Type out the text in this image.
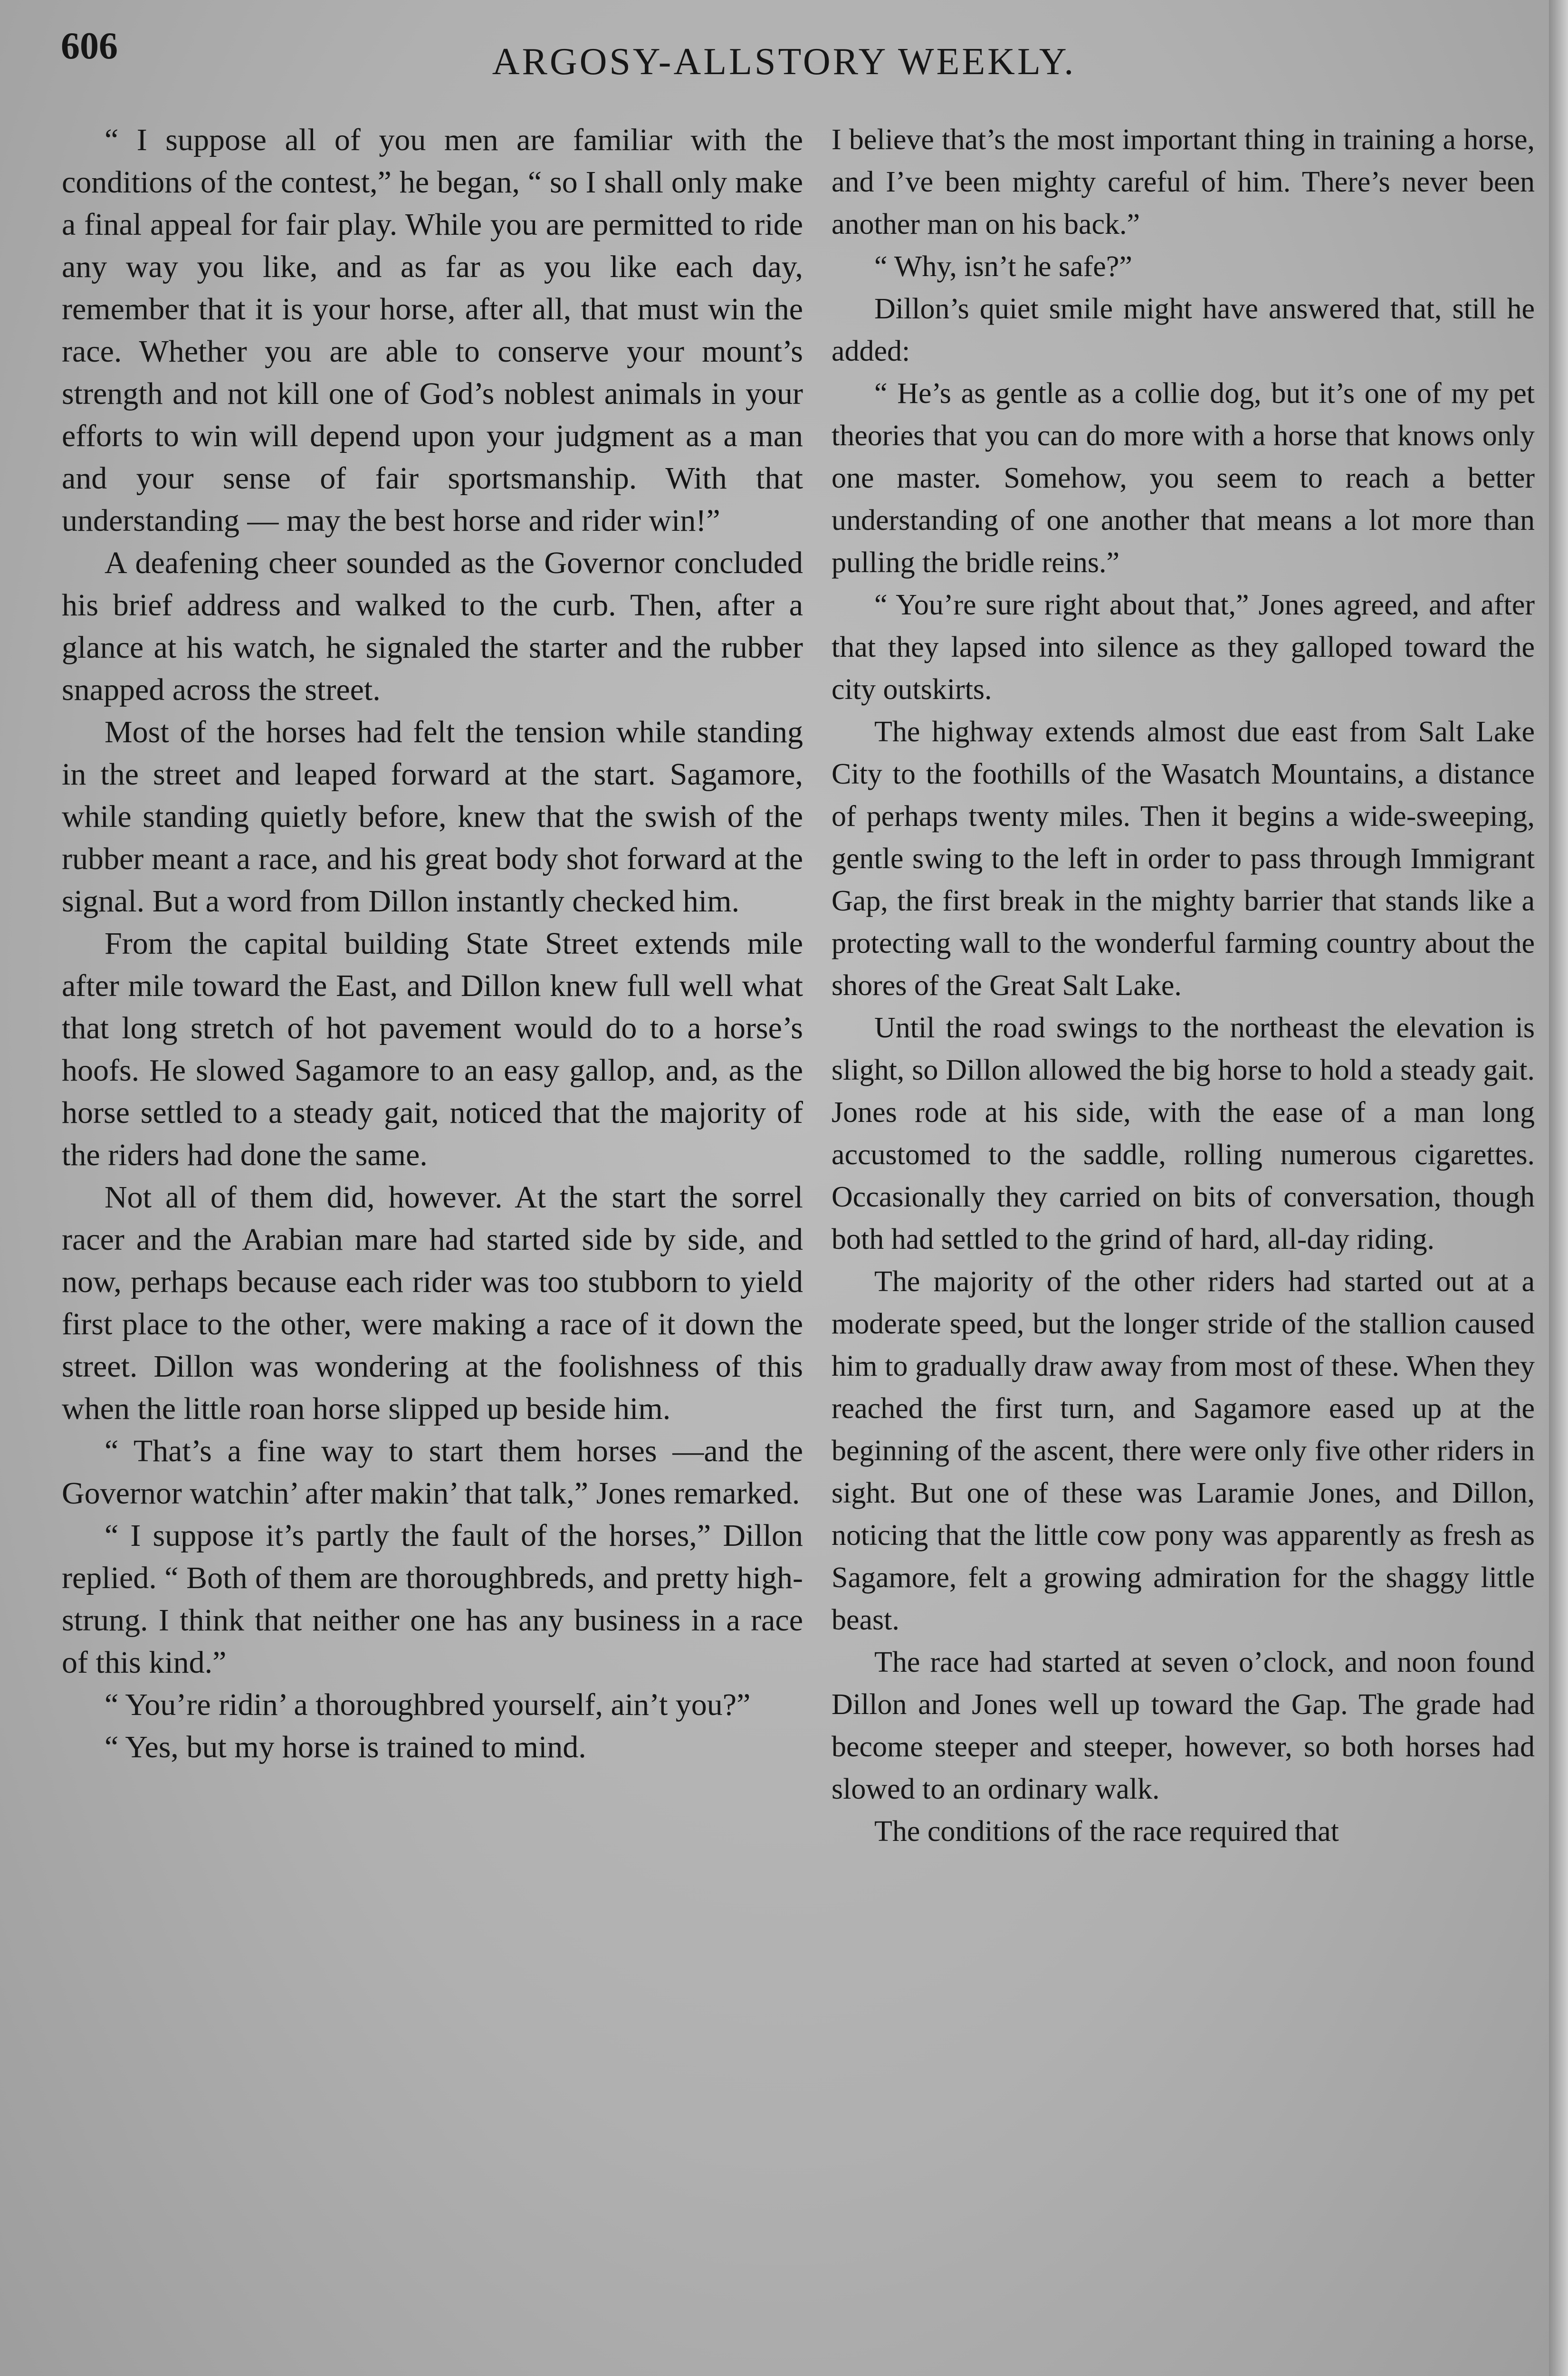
606	ARGOSY-ALLSTORY WEEKLY.

“ I suppose all of you men are familiar with the conditions of the contest,” he began, “ so I shall only make a final appeal for fair play. While you are permitted to ride any way you like, and as far as you like each day, remember that it is your horse, after all, that must win the race. Whether you are able to conserve your mount’s strength and not kill one of God’s noblest animals in your efforts to win will depend upon your judgment as a man and your sense of fair sportsmanship. With that understanding — may the best horse and rider win!”

A deafening cheer sounded as the Governor concluded his brief address and walked to the curb. Then, after a glance at his watch, he signaled the starter and the rubber snapped across the street.

Most of the horses had felt the tension while standing in the street and leaped forward at the start. Sagamore, while standing quietly before, knew that the swish of the rubber meant a race, and his great body shot forward at the signal. But a word from Dillon instantly checked him.

From the capital building State Street extends mile after mile toward the East, and Dillon knew full well what that long stretch of hot pavement would do to a horse’s hoofs. He slowed Sagamore to an easy gallop, and, as the horse settled to a steady gait, noticed that the majority of the riders had done the same.

Not all of them did, however. At the start the sorrel racer and the Arabian mare had started side by side, and now, perhaps because each rider was too stubborn to yield first place to the other, were making a race of it down the street. Dillon was wondering at the foolishness of this when the little roan horse slipped up beside him.

“ That’s a fine way to start them horses —and the Governor watchin’ after makin’ that talk,” Jones remarked.

“ I suppose it’s partly the fault of the horses,” Dillon replied. “ Both of them are thoroughbreds, and pretty high-strung. I think that neither one has any business in a race of this kind.”

“ You’re ridin’ a thoroughbred yourself, ain’t you?”

“ Yes, but my horse is trained to mind.

I believe that’s the most important thing in training a horse, and I’ve been mighty careful of him. There’s never been another man on his back.”

“ Why, isn’t he safe?”

Dillon’s quiet smile might have answered that, still he added:

“ He’s as gentle as a collie dog, but it’s one of my pet theories that you can do more with a horse that knows only one master. Somehow, you seem to reach a better understanding of one another that means a lot more than pulling the bridle reins.”

“ You’re sure right about that,” Jones agreed, and after that they lapsed into silence as they galloped toward the city outskirts.

The highway extends almost due east from Salt Lake City to the foothills of the Wasatch Mountains, a distance of perhaps twenty miles. Then it begins a wide-sweeping, gentle swing to the left in order to pass through Immigrant Gap, the first break in the mighty barrier that stands like a protecting wall to the wonderful farming country about the shores of the Great Salt Lake.

Until the road swings to the northeast the elevation is slight, so Dillon allowed the big horse to hold a steady gait. Jones rode at his side, with the ease of a man long accustomed to the saddle, rolling numerous cigarettes. Occasionally they carried on bits of conversation, though both had settled to the grind of hard, all-day riding.

The majority of the other riders had started out at a moderate speed, but the longer stride of the stallion caused him to gradually draw away from most of these. When they reached the first turn, and Sagamore eased up at the beginning of the ascent, there were only five other riders in sight. But one of these was Laramie Jones, and Dillon, noticing that the little cow pony was apparently as fresh as Sagamore, felt a growing admiration for the shaggy little beast.

The race had started at seven o’clock, and noon found Dillon and Jones well up toward the Gap. The grade had become steeper and steeper, however, so both horses had slowed to an ordinary walk.

The conditions of the race required that
